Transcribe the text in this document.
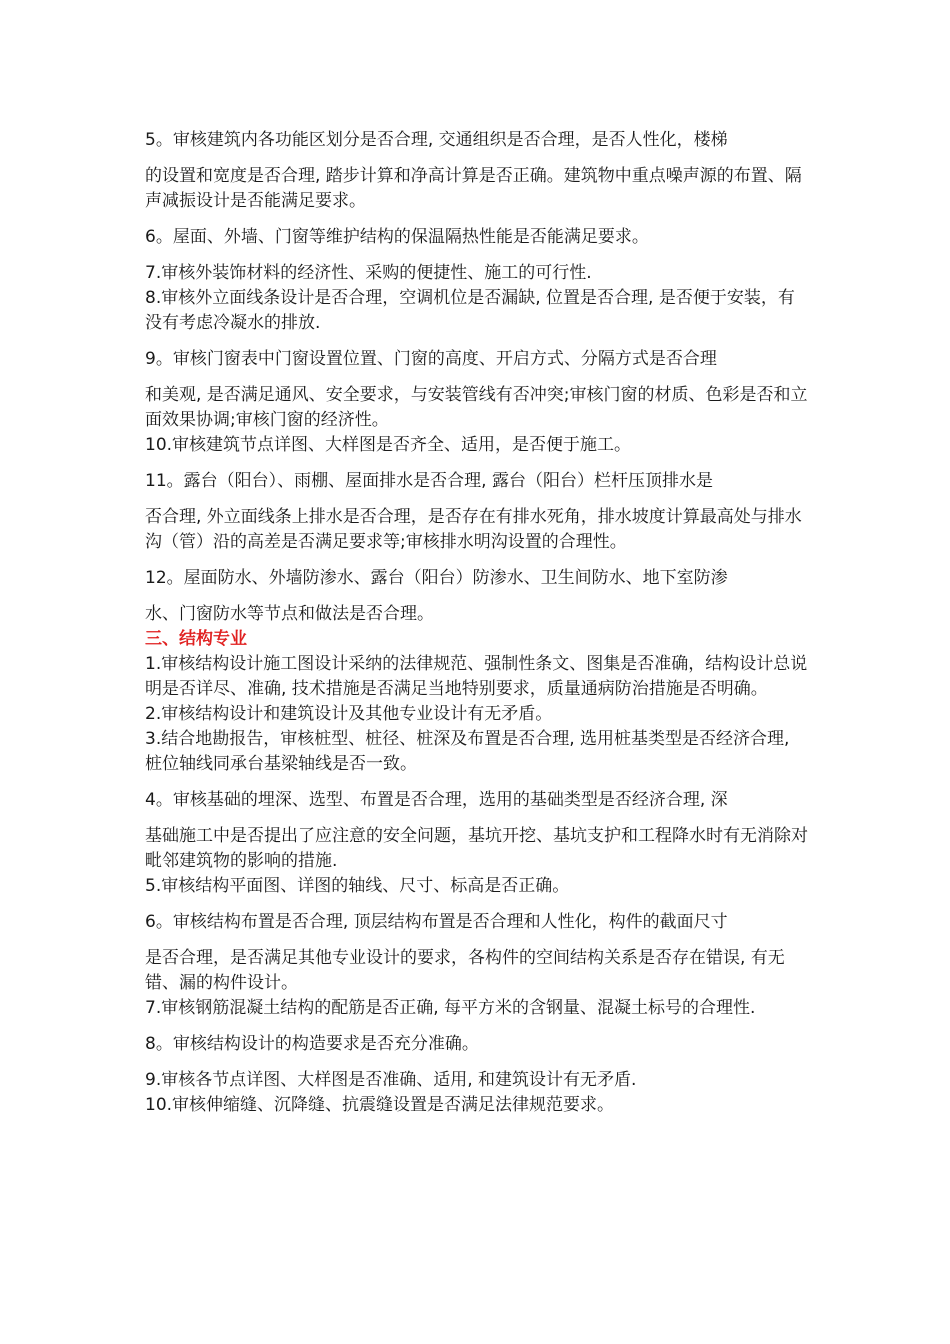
5。审核建筑内各功能区划分是否合理, 交通组织是否合理，是否人性化，楼梯

的设置和宽度是否合理, 踏步计算和净高计算是否正确。建筑物中重点噪声源的布置、隔声减振设计是否能满足要求。

6。屋面、外墙、门窗等维护结构的保温隔热性能是否能满足要求。

7.审核外装饰材料的经济性、采购的便捷性、施工的可行性.

8.审核外立面线条设计是否合理，空调机位是否漏缺, 位置是否合理, 是否便于安装，有没有考虑冷凝水的排放.

9。审核门窗表中门窗设置位置、门窗的高度、开启方式、分隔方式是否合理

和美观, 是否满足通风、安全要求，与安装管线有否冲突;审核门窗的材质、色彩是否和立面效果协调;审核门窗的经济性。

10.审核建筑节点详图、大样图是否齐全、适用，是否便于施工。

11。露台（阳台）、雨棚、屋面排水是否合理, 露台（阳台）栏杆压顶排水是

否合理, 外立面线条上排水是否合理，是否存在有排水死角，排水坡度计算最高处与排水沟（管）沿的高差是否满足要求等;审核排水明沟设置的合理性。

12。屋面防水、外墙防渗水、露台（阳台）防渗水、卫生间防水、地下室防渗

水、门窗防水等节点和做法是否合理。

三、结构专业

1.审核结构设计施工图设计采纳的法律规范、强制性条文、图集是否准确，结构设计总说明是否详尽、准确, 技术措施是否满足当地特别要求，质量通病防治措施是否明确。

2.审核结构设计和建筑设计及其他专业设计有无矛盾。

3.结合地勘报告，审核桩型、桩径、桩深及布置是否合理, 选用桩基类型是否经济合理, 桩位轴线同承台基梁轴线是否一致。

4。审核基础的埋深、选型、布置是否合理，选用的基础类型是否经济合理, 深

基础施工中是否提出了应注意的安全问题，基坑开挖、基坑支护和工程降水时有无消除对毗邻建筑物的影响的措施.

5.审核结构平面图、详图的轴线、尺寸、标高是否正确。

6。审核结构布置是否合理, 顶层结构布置是否合理和人性化，构件的截面尺寸

是否合理，是否满足其他专业设计的要求，各构件的空间结构关系是否存在错误, 有无错、漏的构件设计。

7.审核钢筋混凝土结构的配筋是否正确, 每平方米的含钢量、混凝土标号的合理性.

8。审核结构设计的构造要求是否充分准确。

9.审核各节点详图、大样图是否准确、适用, 和建筑设计有无矛盾.

10.审核伸缩缝、沉降缝、抗震缝设置是否满足法律规范要求。
